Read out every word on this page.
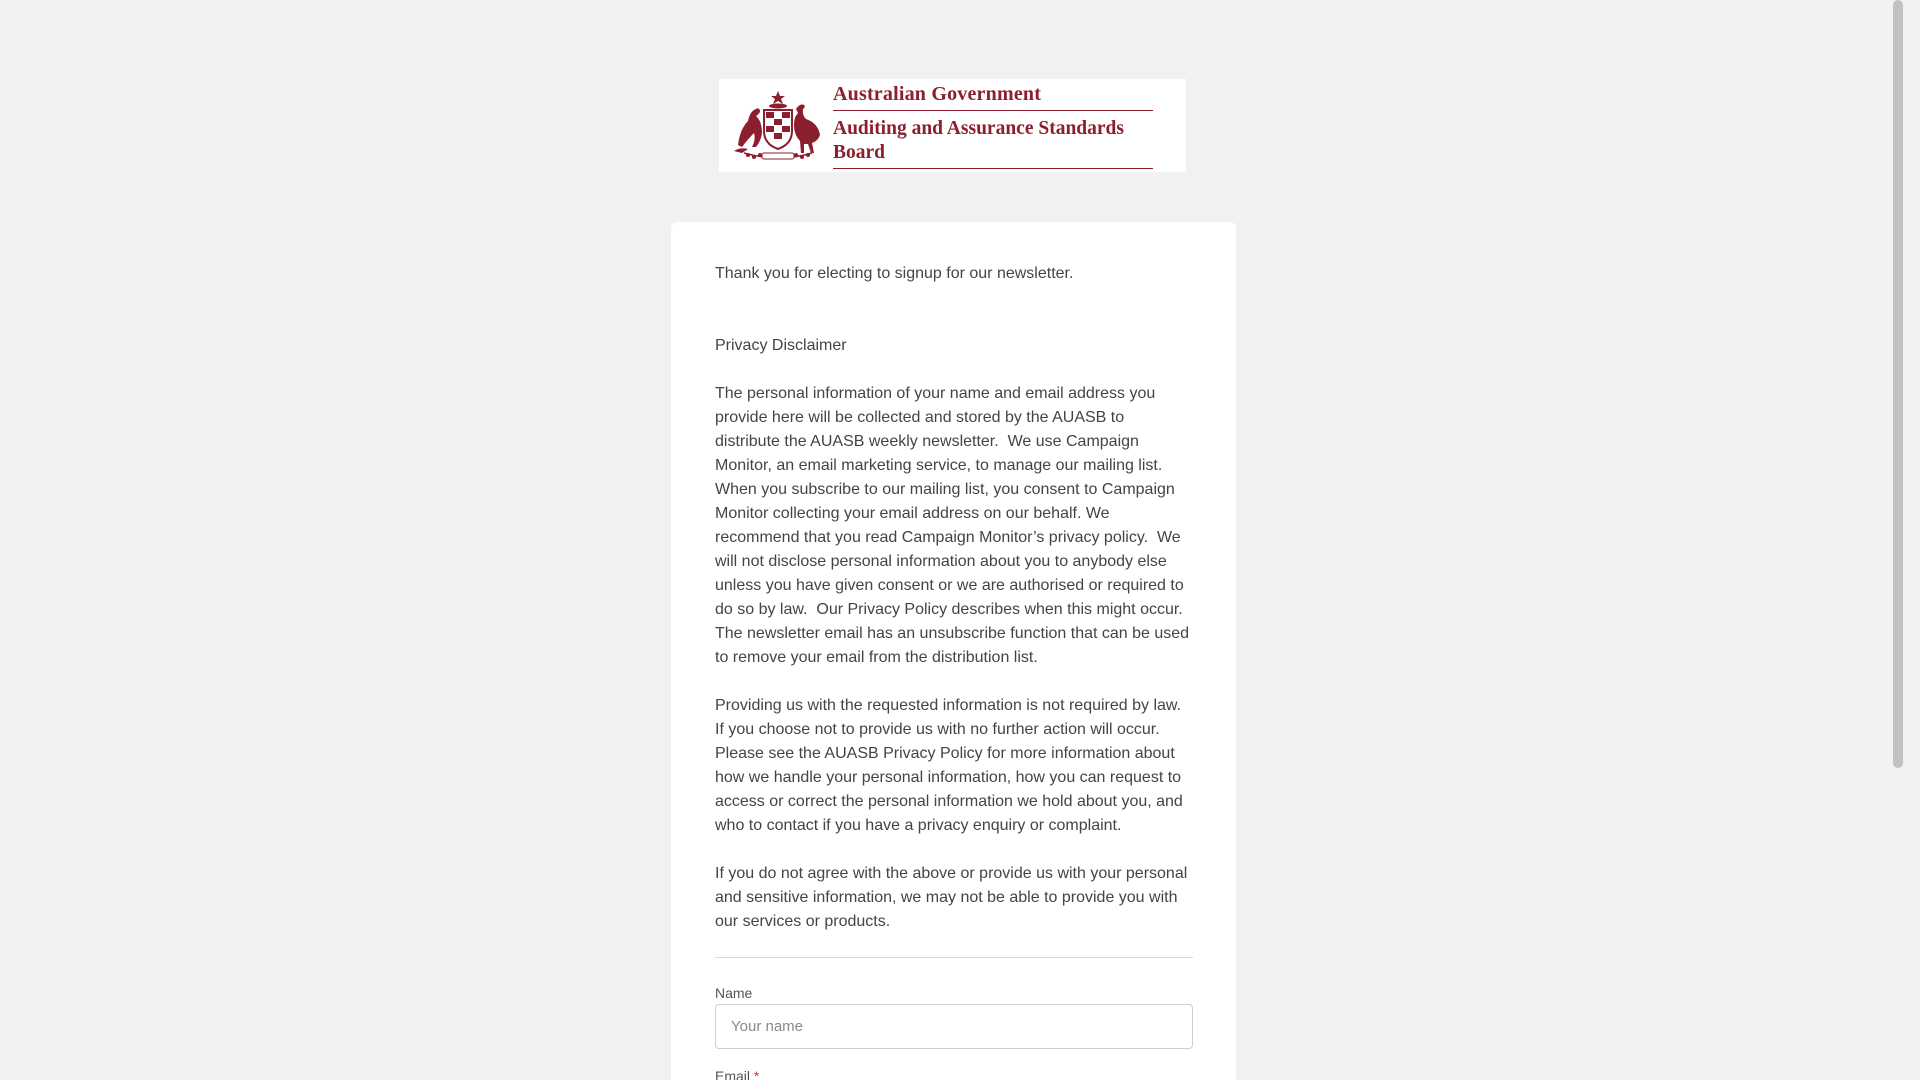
Australian Government
Auditing and Assurance Standards Board

Thank you for electing to signup for our newsletter.

Privacy Disclaimer

The personal information of your name and email address you provide here will be collected and stored by the AUASB to distribute the AUASB weekly newsletter.  We use Campaign Monitor, an email marketing service, to manage our mailing list. When you subscribe to our mailing list, you consent to Campaign Monitor collecting your email address on our behalf. We recommend that you read Campaign Monitor’s privacy policy.  We will not disclose personal information about you to anybody else unless you have given consent or we are authorised or required to do so by law.  Our Privacy Policy describes when this might occur. The newsletter email has an unsubscribe function that can be used to remove your email from the distribution list.

Providing us with the requested information is not required by law. If you choose not to provide us with no further action will occur. Please see the AUASB Privacy Policy for more information about how we handle your personal information, how you can request to access or correct the personal information we hold about you, and who to contact if you have a privacy enquiry or complaint.

If you do not agree with the above or provide us with your personal and sensitive information, we may not be able to provide you with our services or products.

Name
Your name
Email *
